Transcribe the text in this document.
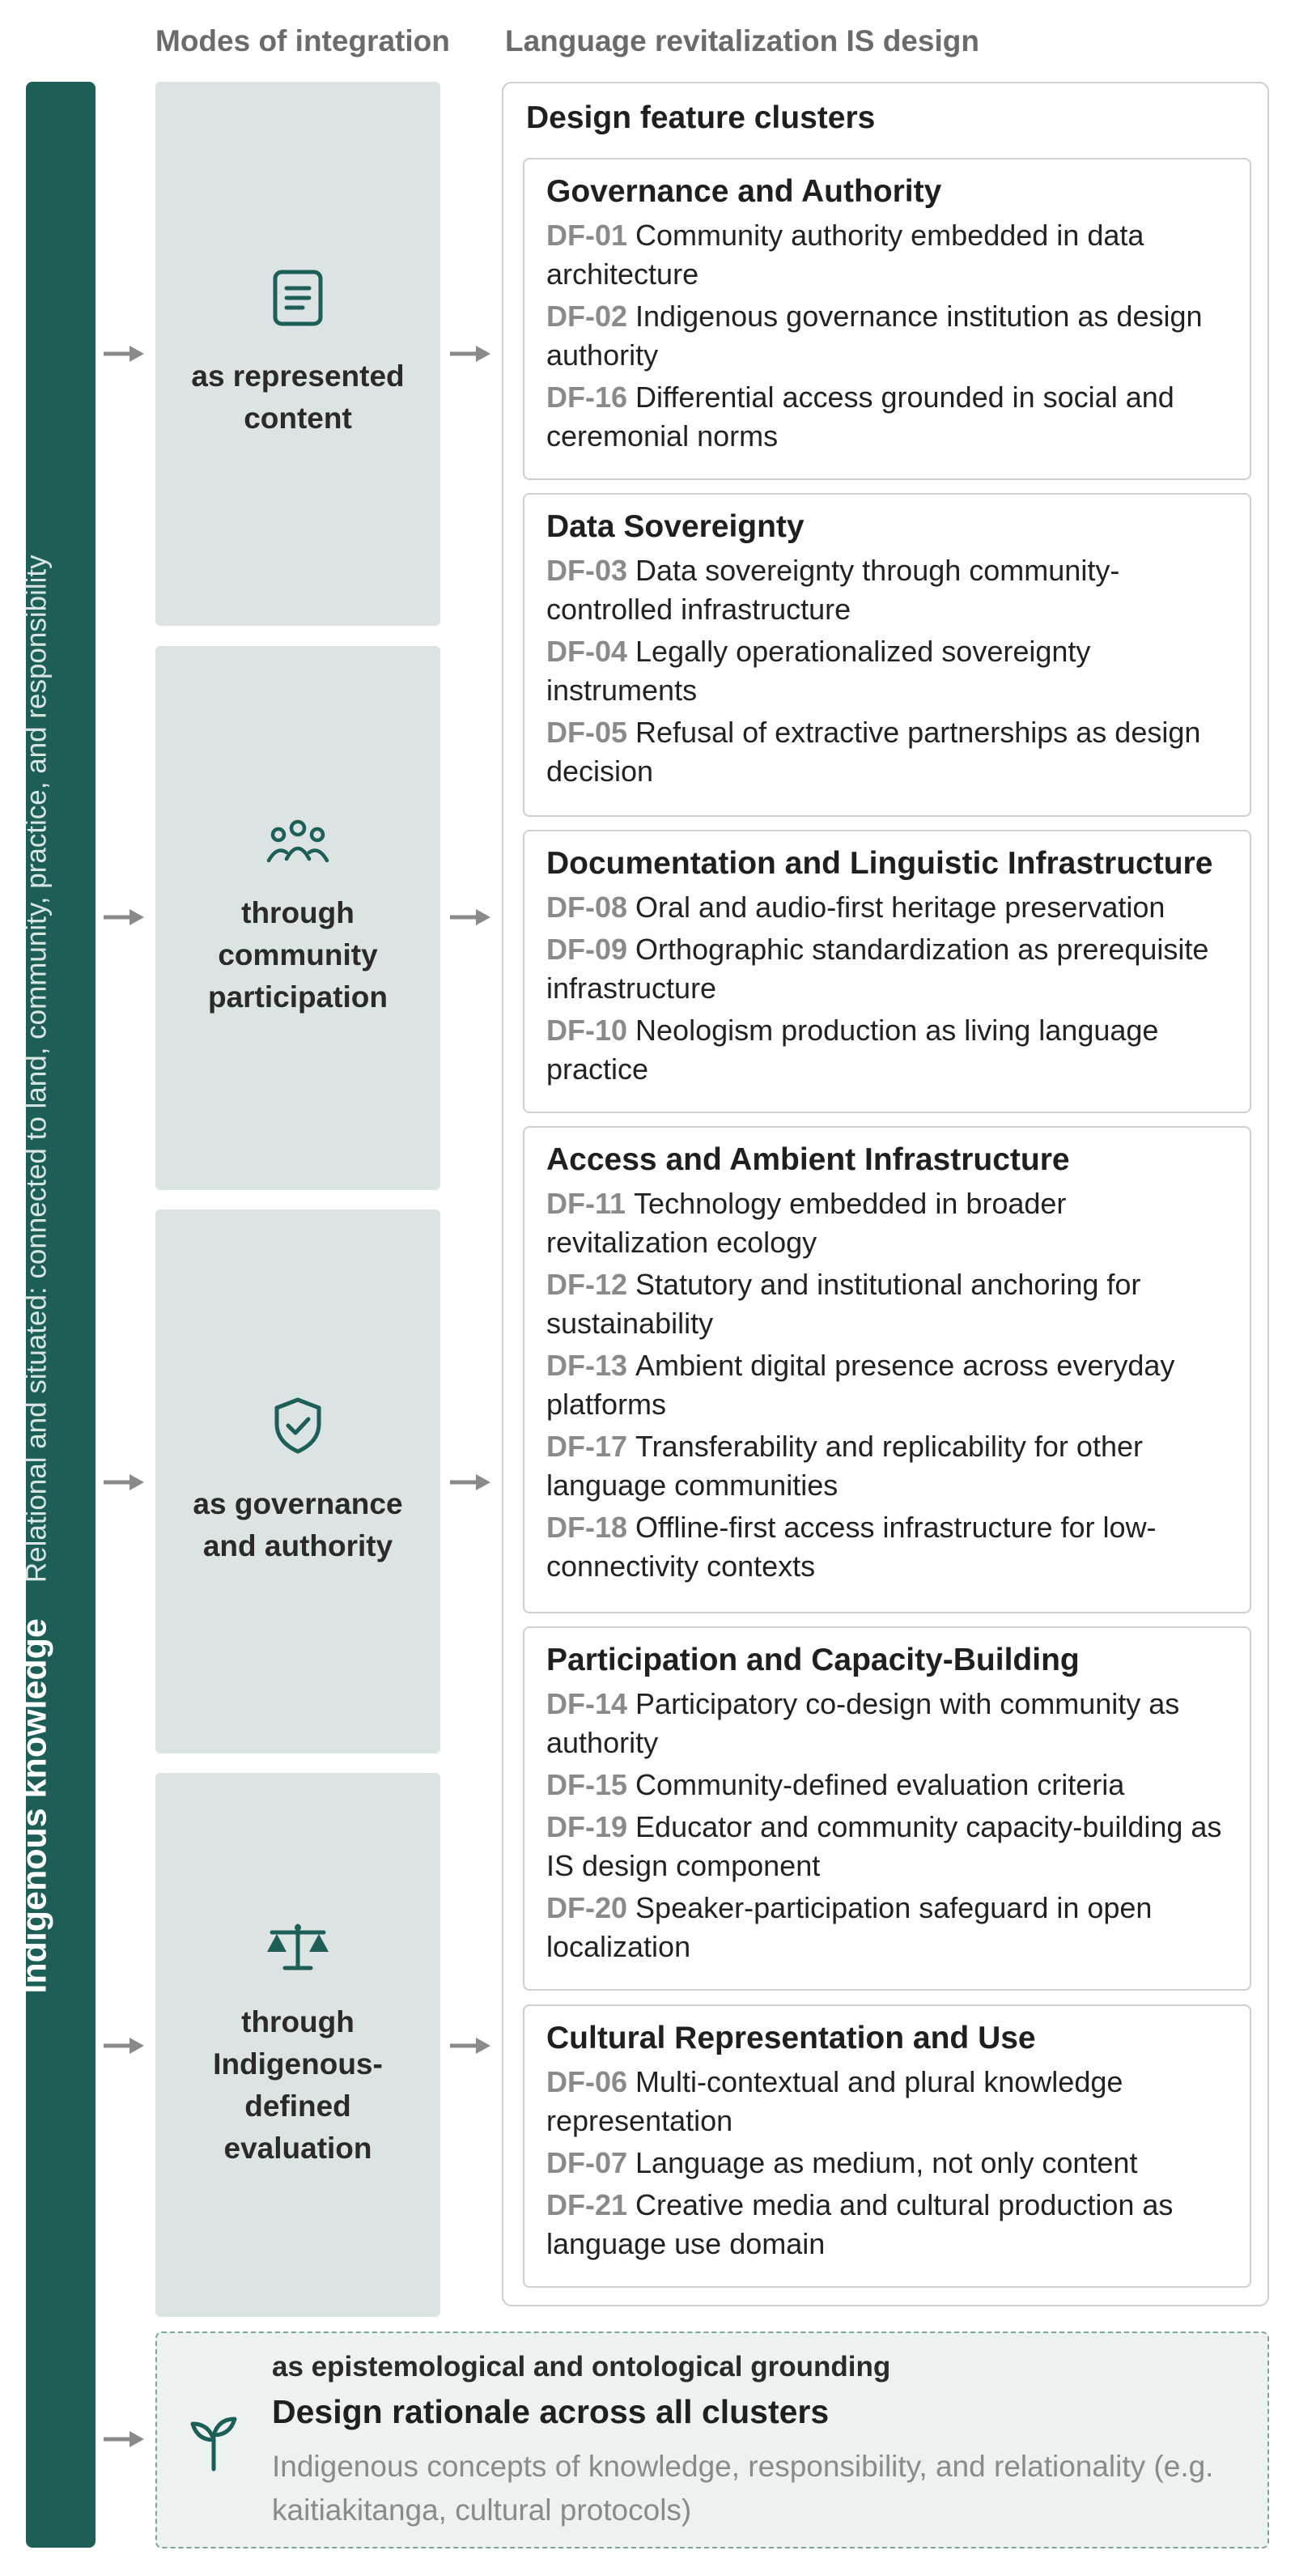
Modes of integration Language revitalization IS design
Indigenous knowledge
Relational and situated: connected to land, community, practice, and responsibility
as represented content
through community participation
as governance and authority
through Indigenous-defined evaluation
Design feature clusters
Governance and Authority
DF-01 Community authority embedded in data architecture
DF-02 Indigenous governance institution as design authority
DF-16 Differential access grounded in social and ceremonial norms
Data Sovereignty
DF-03 Data sovereignty through community-controlled infrastructure
DF-04 Legally operationalized sovereignty instruments
DF-05 Refusal of extractive partnerships as design decision
Documentation and Linguistic Infrastructure
DF-08 Oral and audio-first heritage preservation
DF-09 Orthographic standardization as prerequisite infrastructure
DF-10 Neologism production as living language practice
Access and Ambient Infrastructure
DF-11 Technology embedded in broader revitalization ecology
DF-12 Statutory and institutional anchoring for sustainability
DF-13 Ambient digital presence across everyday platforms
DF-17 Transferability and replicability for other language communities
DF-18 Offline-first access infrastructure for low-connectivity contexts
Participation and Capacity-Building
DF-14 Participatory co-design with community as authority
DF-15 Community-defined evaluation criteria
DF-19 Educator and community capacity-building as IS design component
DF-20 Speaker-participation safeguard in open localization
Cultural Representation and Use
DF-06 Multi-contextual and plural knowledge representation
DF-07 Language as medium, not only content
DF-21 Creative media and cultural production as language use domain
as epistemological and ontological grounding
Design rationale across all clusters
Indigenous concepts of knowledge, responsibility, and relationality (e.g. kaitiakitanga, cultural protocols)
